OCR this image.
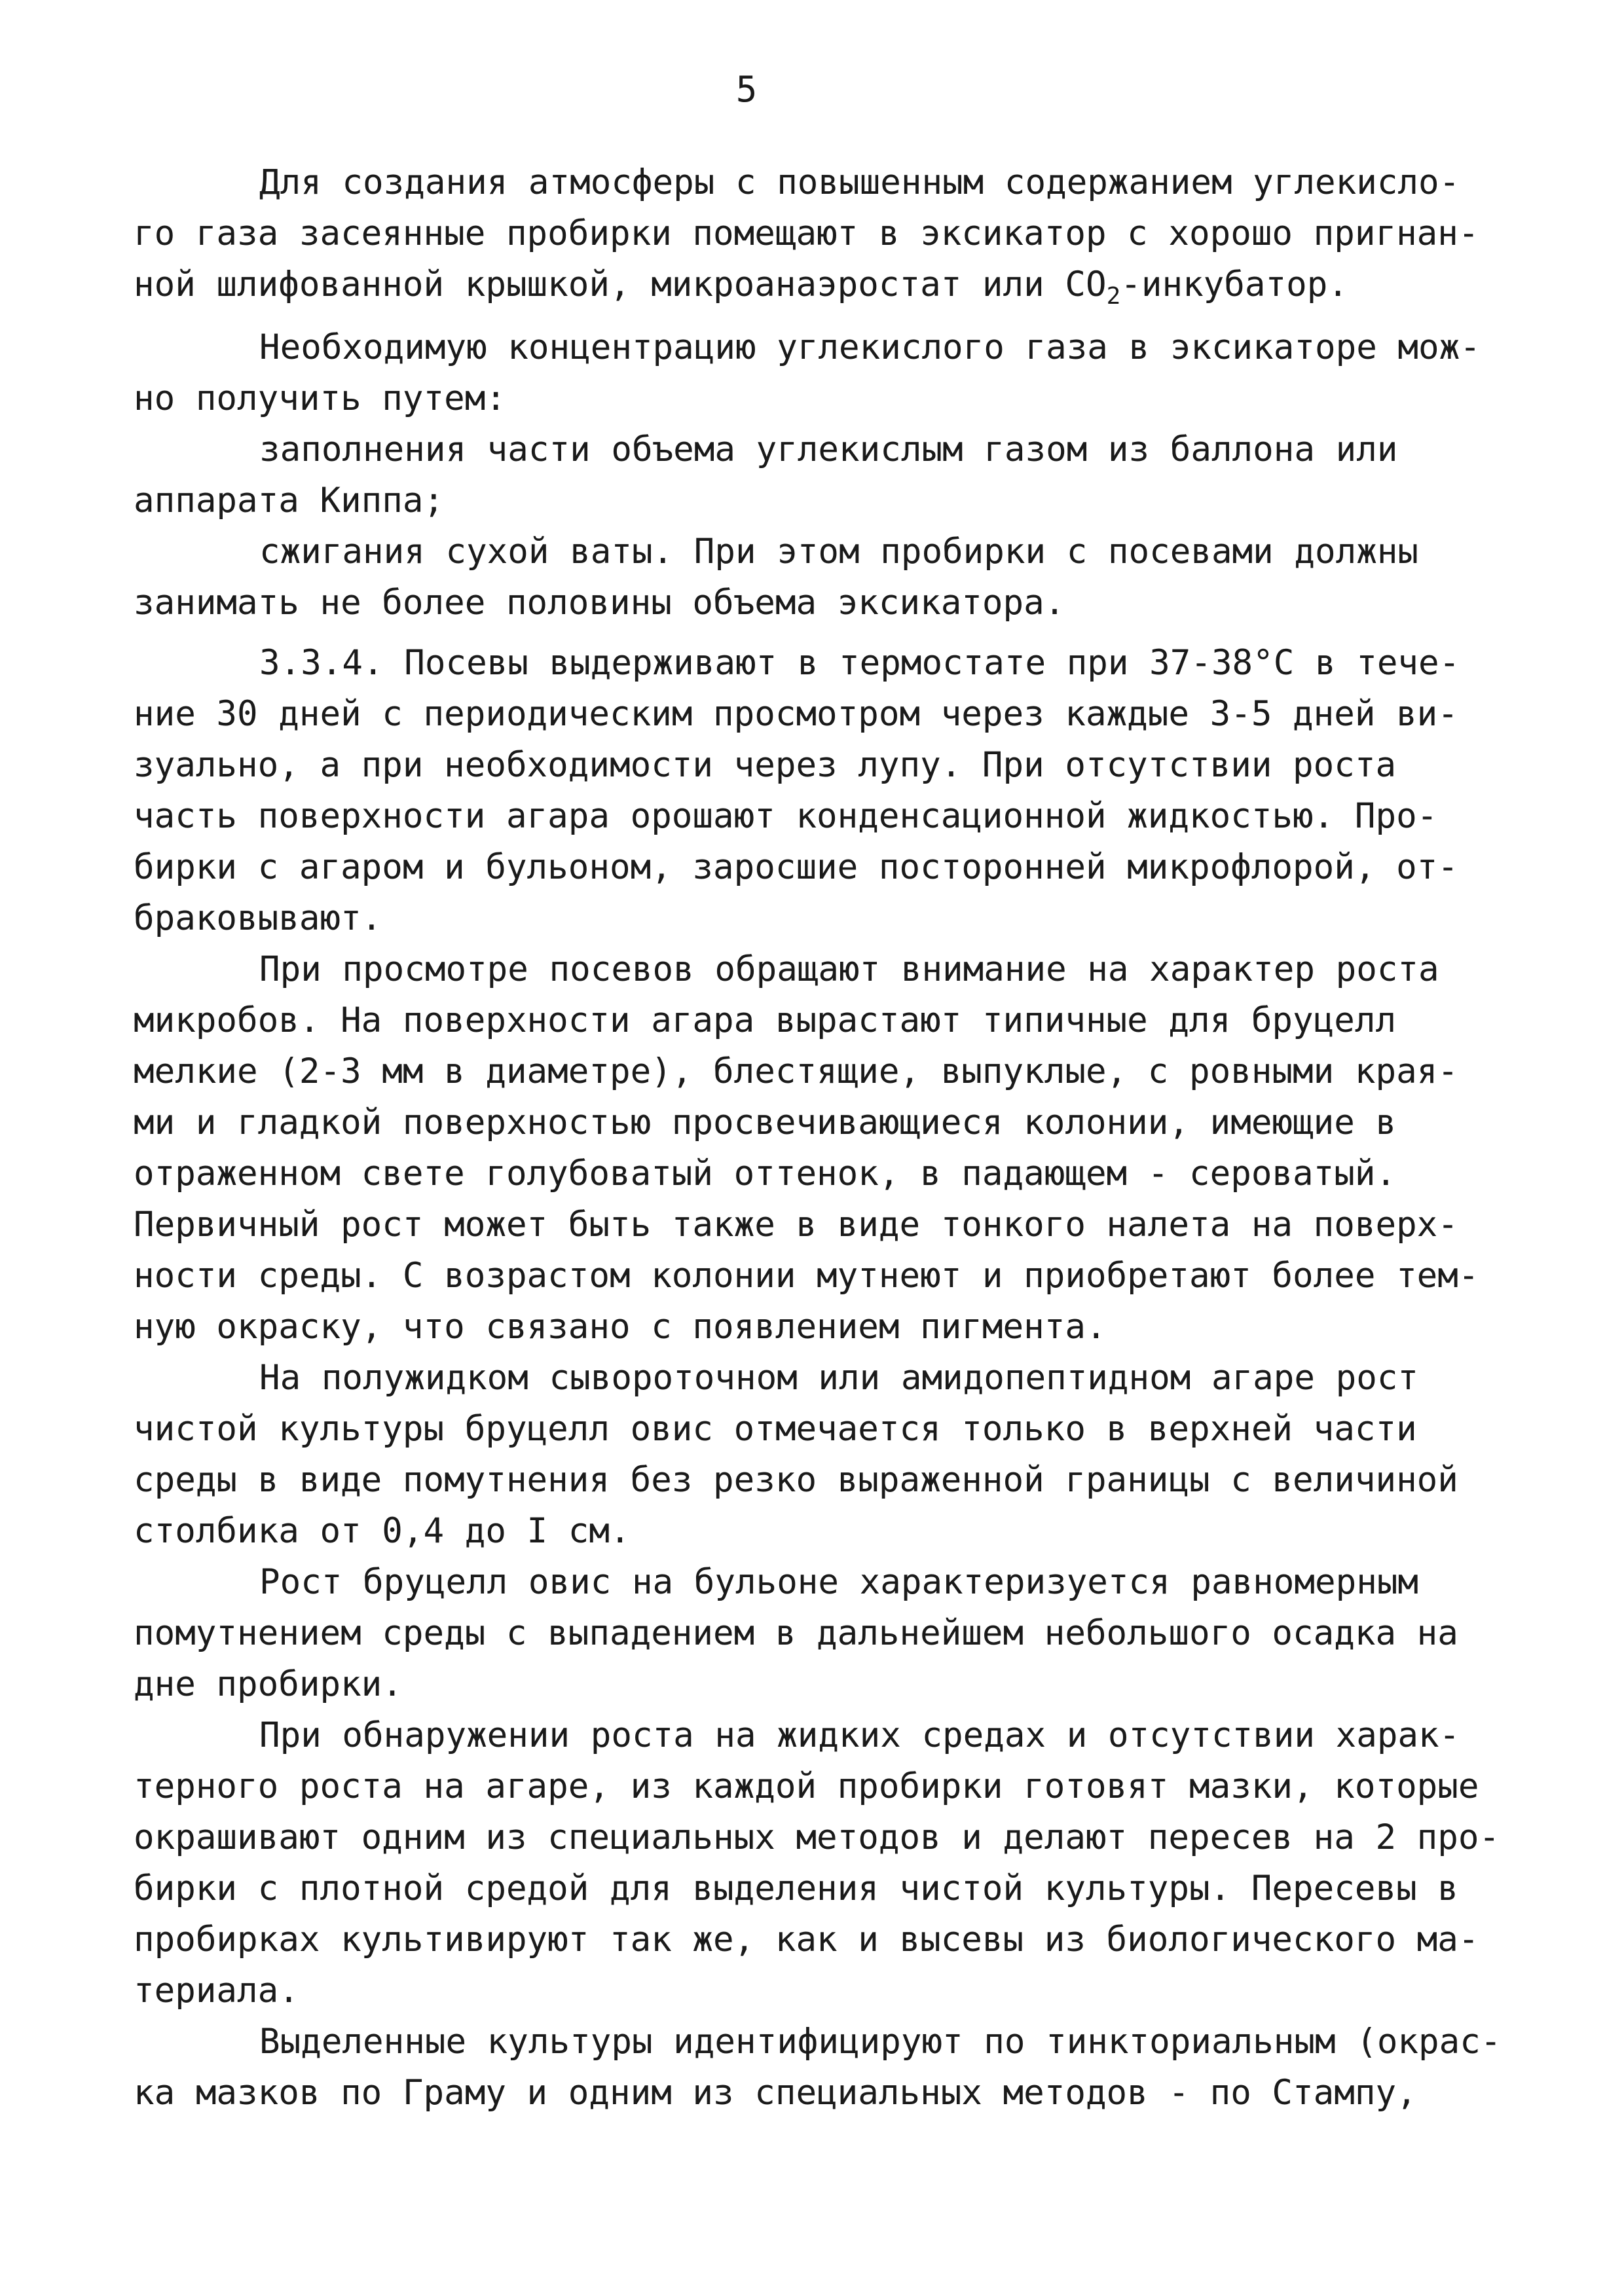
5
Для создания атмосферы с повышенным содержанием углекисло-
го газа засеянные пробирки помещают в эксикатор с хорошо пригнан-
ной шлифованной крышкой, микроанаэростат или $СО_2$-инкубатор.
Необходимую концентрацию углекислого газа в эксикаторе мож-
но получить путем:
заполнения части объема углекислым газом из баллона или
аппарата Киппа;
сжигания сухой ваты. При этом пробирки с посевами должны
занимать не более половины объема эксикатора.
3.3.4. Посевы выдерживают в термостате при 37-38°С в тече-
ние 30 дней с периодическим просмотром через каждые 3-5 дней ви-
зуально, а при необходимости через лупу. При отсутствии роста
часть поверхности агара орошают конденсационной жидкостью. Про-
бирки с агаром и бульоном, заросшие посторонней микрофлорой, от-
браковывают.
При просмотре посевов обращают внимание на характер роста
микробов. На поверхности агара вырастают типичные для бруцелл
мелкие (2-3 мм в диаметре), блестящие, выпуклые, с ровными края-
ми и гладкой поверхностью просвечивающиеся колонии, имеющие в
отраженном свете голубоватый оттенок, в падающем - сероватый.
Первичный рост может быть также в виде тонкого налета на поверх-
ности среды. С возрастом колонии мутнеют и приобретают более тем-
ную окраску, что связано с появлением пигмента.
На полужидком сывороточном или амидопептидном агаре рост
чистой культуры бруцелл овис отмечается только в верхней части
среды в виде помутнения без резко выраженной границы с величиной
столбика от 0,4 до I см.
Рост бруцелл овис на бульоне характеризуется равномерным
помутнением среды с выпадением в дальнейшем небольшого осадка на
дне пробирки.
При обнаружении роста на жидких средах и отсутствии харак-
терного роста на агаре, из каждой пробирки готовят мазки, которые
окрашивают одним из специальных методов и делают пересев на 2 про-
бирки с плотной средой для выделения чистой культуры. Пересевы в
пробирках культивируют так же, как и высевы из биологического ма-
териала.
Выделенные культуры идентифицируют по тинкториальным (окрас-
ка мазков по Граму и одним из специальных методов - по Стампу,
